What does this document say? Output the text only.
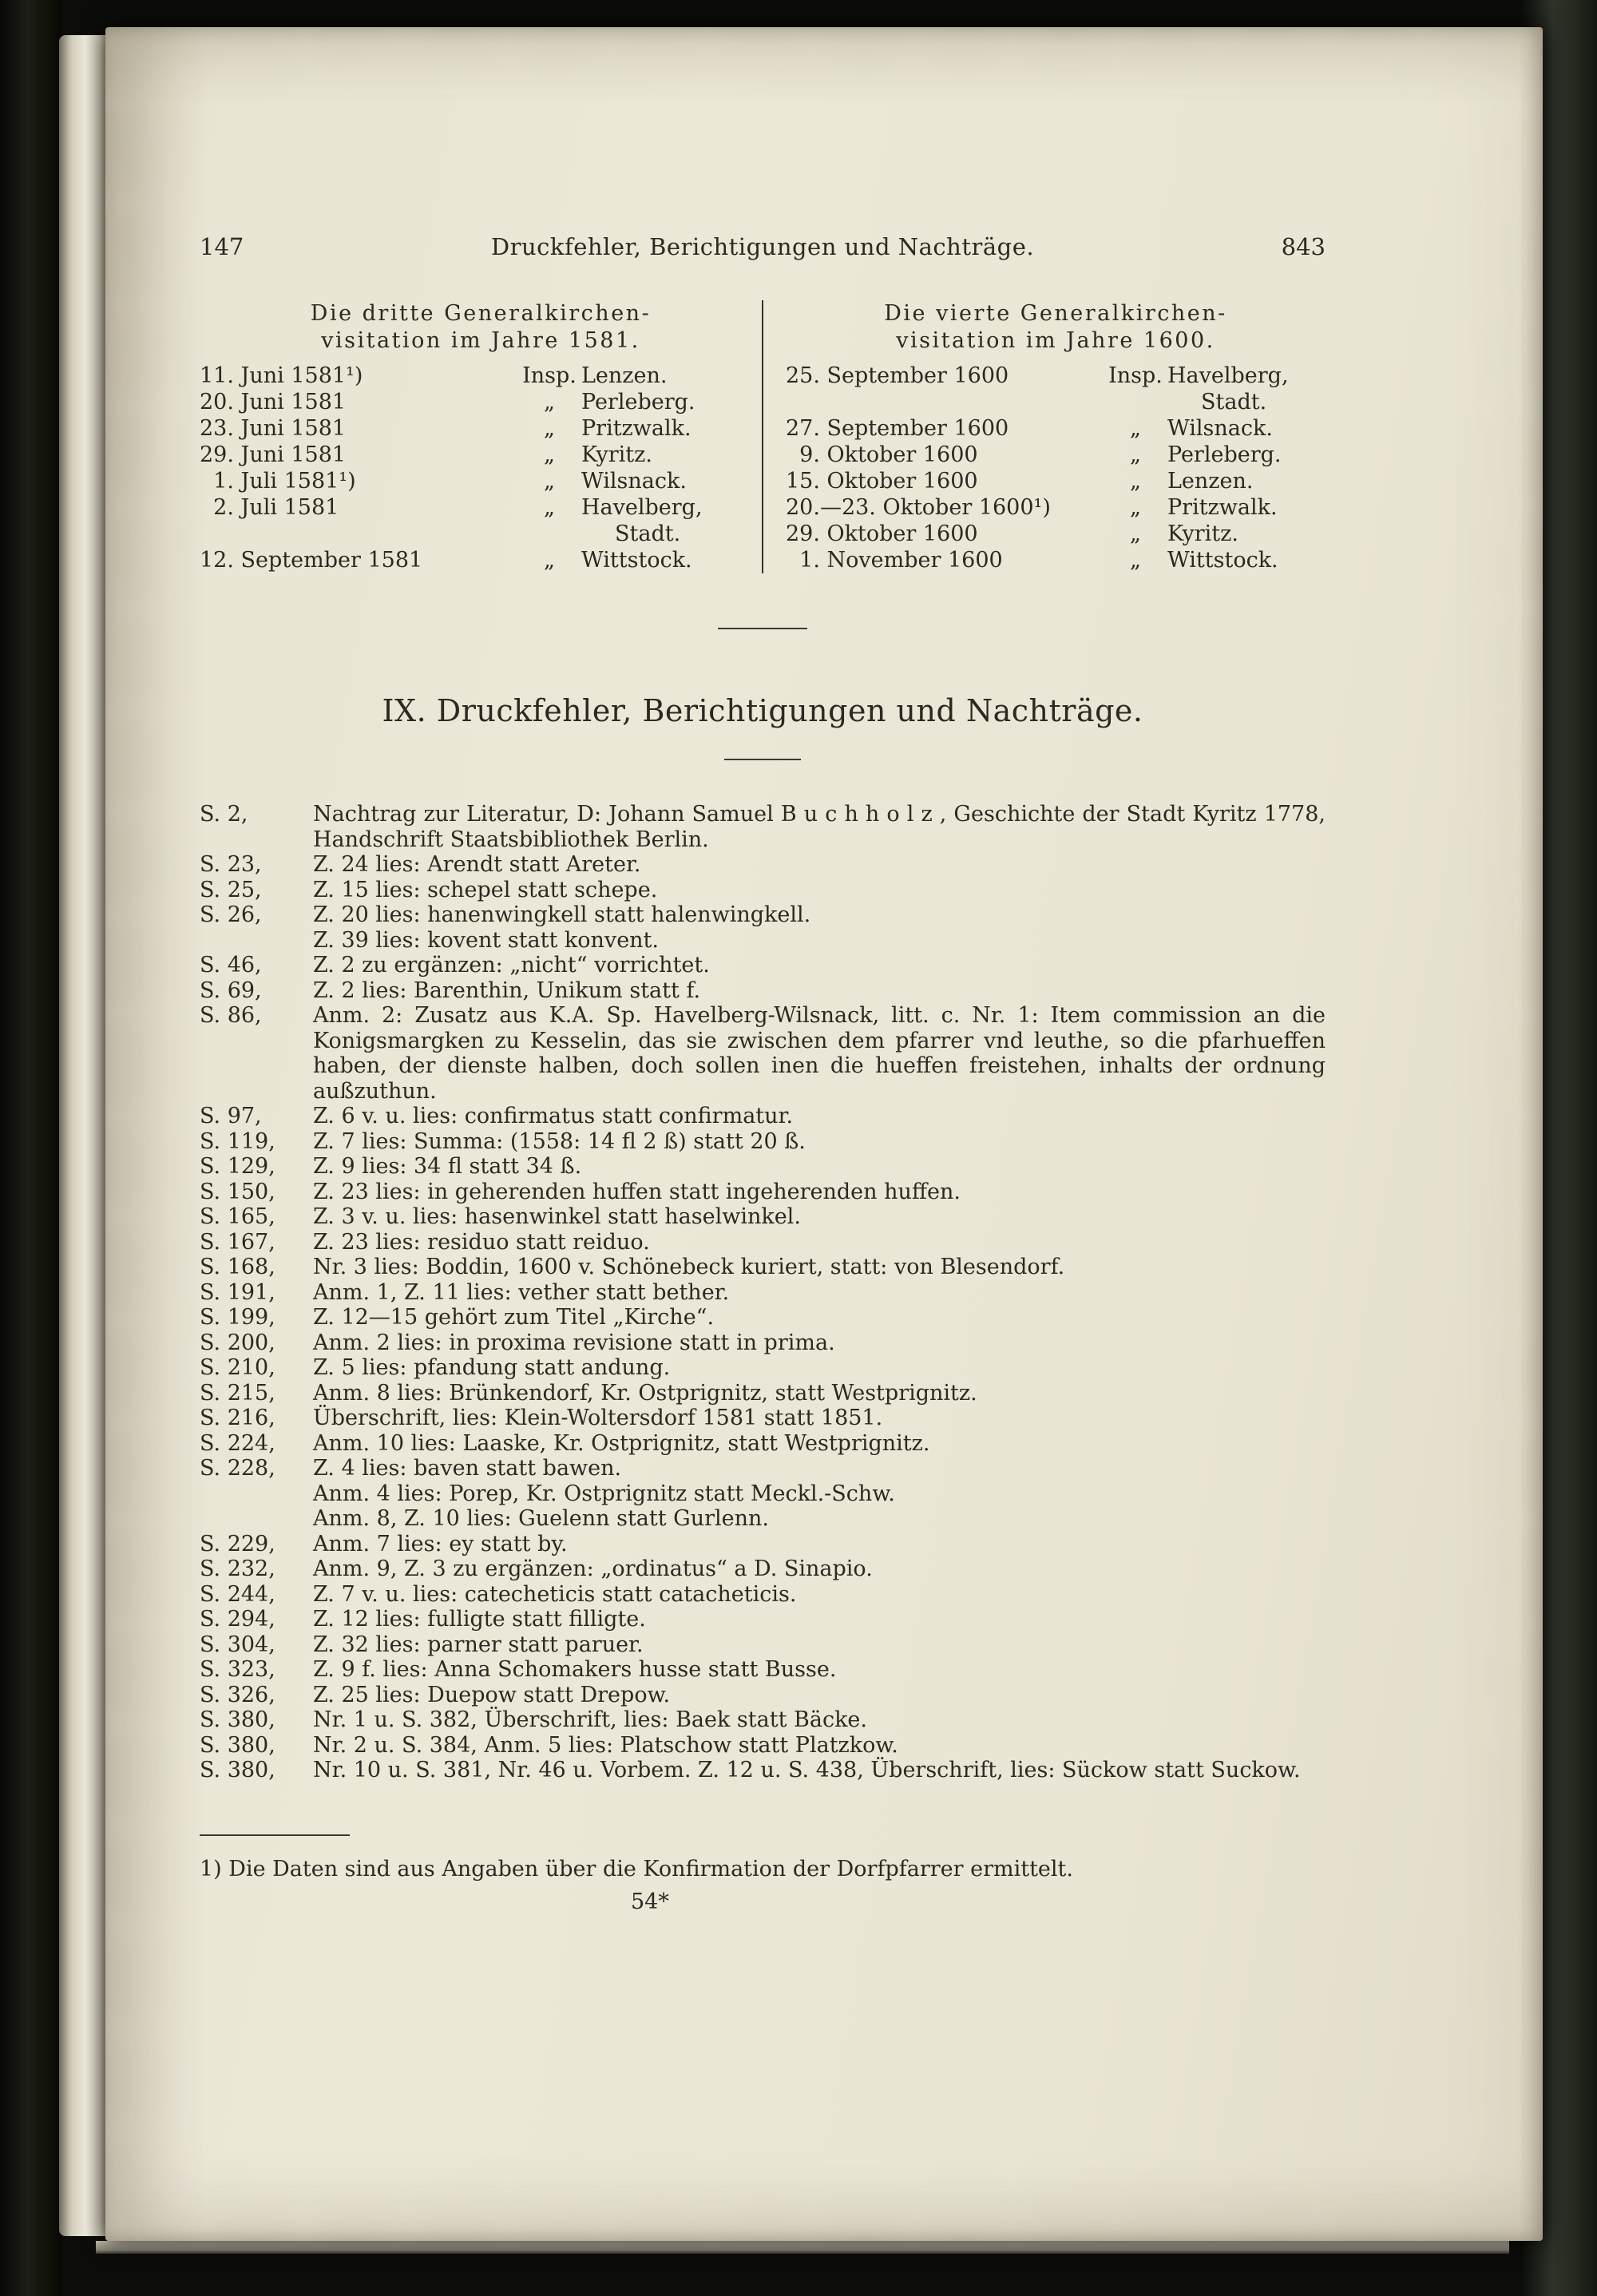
147	Druckfehler, Berichtigungen und Nachträge.	843
Die dritte Generalkirchen-
visitation im Jahre 1581.
11. Juni 1581¹)	Insp. Lenzen.
20. Juni 1581	„	Perleberg.
23. Juni 1581	„	Pritzwalk.
29. Juni 1581	„	Kyritz.
 1. Juli 1581¹)	„	Wilsnack.
 2. Juli 1581	„	Havelberg,
Stadt.
12. September 1581	„	Wittstock.
Die vierte Generalkirchen-
visitation im Jahre 1600.
25. September 1600	Insp. Havelberg,
Stadt.
27. September 1600	„	Wilsnack.
 9. Oktober 1600	„	Perleberg.
15. Oktober 1600	„	Lenzen.
20.—23. Oktober 1600¹)	„	Pritzwalk.
29. Oktober 1600	„	Kyritz.
 1. November 1600	„	Wittstock.
IX. Druckfehler, Berichtigungen und Nachträge.
S. 2,	Nachtrag zur Literatur, D: Johann Samuel B u c h h o l z , Geschichte der Stadt Kyritz 1778, Handschrift Staatsbibliothek Berlin.
S. 23, Z. 24 lies: Arendt statt Areter.
S. 25, Z. 15 lies: schepel statt schepe.
S. 26, Z. 20 lies: hanenwingkell statt halenwingkell.
Z. 39 lies: kovent statt konvent.
S. 46, Z. 2 zu ergänzen: „nicht“ vorrichtet.
S. 69, Z. 2 lies: Barenthin, Unikum statt f.
S. 86, Anm. 2: Zusatz aus K.A. Sp. Havelberg-Wilsnack, litt. c. Nr. 1: Item commission an die Konigsmargken zu Kesselin, das sie zwischen dem pfarrer vnd leuthe, so die pfarhueffen haben, der dienste halben, doch sollen inen die hueffen freistehen, inhalts der ordnung außzuthun.
S. 97, Z. 6 v. u. lies: confirmatus statt confirmatur.
S. 119, Z. 7 lies: Summa: (1558: 14 fl 2 ß) statt 20 ß.
S. 129, Z. 9 lies: 34 fl statt 34 ß.
S. 150, Z. 23 lies: in geherenden huffen statt ingeherenden huffen.
S. 165, Z. 3 v. u. lies: hasenwinkel statt haselwinkel.
S. 167, Z. 23 lies: residuo statt reiduo.
S. 168, Nr. 3 lies: Boddin, 1600 v. Schönebeck kuriert, statt: von Blesendorf.
S. 191, Anm. 1, Z. 11 lies: vether statt bether.
S. 199, Z. 12—15 gehört zum Titel „Kirche“.
S. 200, Anm. 2 lies: in proxima revisione statt in prima.
S. 210, Z. 5 lies: pfandung statt andung.
S. 215, Anm. 8 lies: Brünkendorf, Kr. Ostprignitz, statt Westprignitz.
S. 216, Überschrift, lies: Klein-Woltersdorf 1581 statt 1851.
S. 224, Anm. 10 lies: Laaske, Kr. Ostprignitz, statt Westprignitz.
S. 228, Z. 4 lies: baven statt bawen.
Anm. 4 lies: Porep, Kr. Ostprignitz statt Meckl.-Schw.
Anm. 8, Z. 10 lies: Guelenn statt Gurlenn.
S. 229, Anm. 7 lies: ey statt by.
S. 232, Anm. 9, Z. 3 zu ergänzen: „ordinatus“ a D. Sinapio.
S. 244, Z. 7 v. u. lies: catecheticis statt catacheticis.
S. 294, Z. 12 lies: fulligte statt filligte.
S. 304, Z. 32 lies: parner statt paruer.
S. 323, Z. 9 f. lies: Anna Schomakers husse statt Busse.
S. 326, Z. 25 lies: Duepow statt Drepow.
S. 380, Nr. 1 u. S. 382, Überschrift, lies: Baek statt Bäcke.
S. 380, Nr. 2 u. S. 384, Anm. 5 lies: Platschow statt Platzkow.
S. 380, Nr. 10 u. S. 381, Nr. 46 u. Vorbem. Z. 12 u. S. 438, Überschrift, lies: Sückow statt Suckow.

1) Die Daten sind aus Angaben über die Konfirmation der Dorfpfarrer ermittelt.

54*
